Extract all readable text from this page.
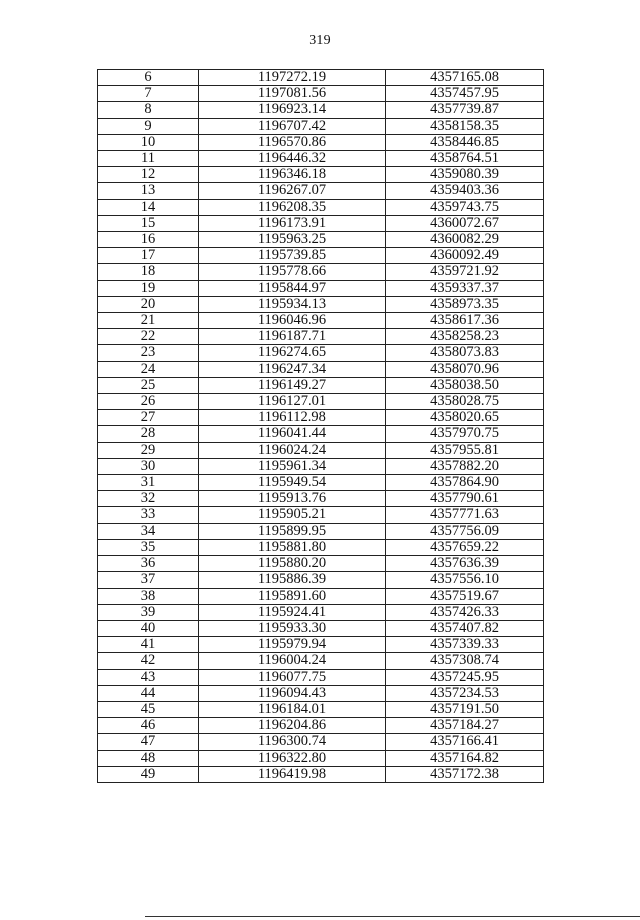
319
6	1197272.19	4357165.08
7	1197081.56	4357457.95
8	1196923.14	4357739.87
9	1196707.42	4358158.35
10	1196570.86	4358446.85
11	1196446.32	4358764.51
12	1196346.18	4359080.39
13	1196267.07	4359403.36
14	1196208.35	4359743.75
15	1196173.91	4360072.67
16	1195963.25	4360082.29
17	1195739.85	4360092.49
18	1195778.66	4359721.92
19	1195844.97	4359337.37
20	1195934.13	4358973.35
21	1196046.96	4358617.36
22	1196187.71	4358258.23
23	1196274.65	4358073.83
24	1196247.34	4358070.96
25	1196149.27	4358038.50
26	1196127.01	4358028.75
27	1196112.98	4358020.65
28	1196041.44	4357970.75
29	1196024.24	4357955.81
30	1195961.34	4357882.20
31	1195949.54	4357864.90
32	1195913.76	4357790.61
33	1195905.21	4357771.63
34	1195899.95	4357756.09
35	1195881.80	4357659.22
36	1195880.20	4357636.39
37	1195886.39	4357556.10
38	1195891.60	4357519.67
39	1195924.41	4357426.33
40	1195933.30	4357407.82
41	1195979.94	4357339.33
42	1196004.24	4357308.74
43	1196077.75	4357245.95
44	1196094.43	4357234.53
45	1196184.01	4357191.50
46	1196204.86	4357184.27
47	1196300.74	4357166.41
48	1196322.80	4357164.82
49	1196419.98	4357172.38
